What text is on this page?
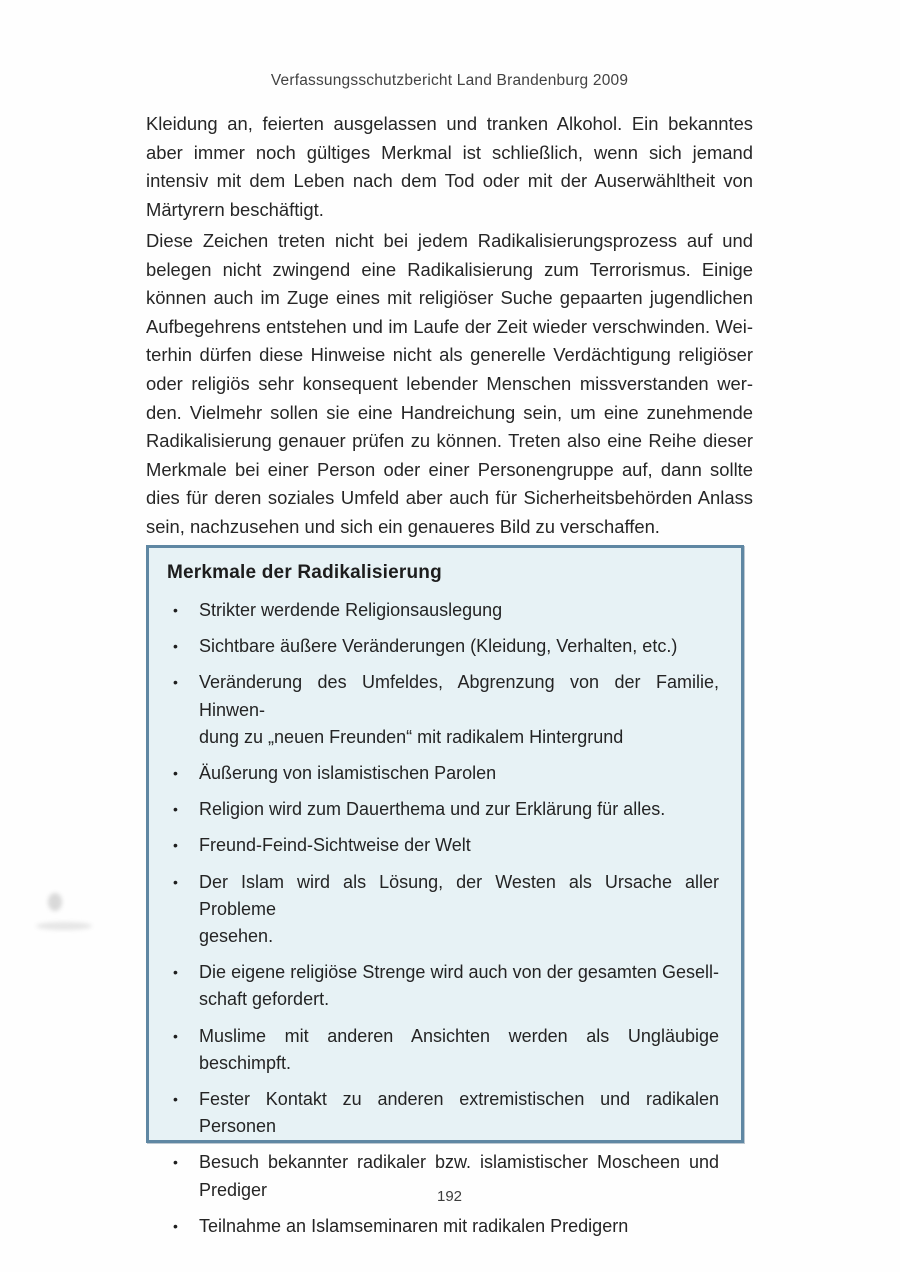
Verfassungsschutzbericht Land Brandenburg 2009
Kleidung an, feierten ausgelassen und tranken Alkohol. Ein bekanntes
aber immer noch gültiges Merkmal ist schließlich, wenn sich jemand
intensiv mit dem Leben nach dem Tod oder mit der Auserwähltheit von
Märtyrern beschäftigt.
Diese Zeichen treten nicht bei jedem Radikalisierungsprozess auf und
belegen nicht zwingend eine Radikalisierung zum Terrorismus. Einige
können auch im Zuge eines mit religiöser Suche gepaarten jugendlichen
Aufbegehrens entstehen und im Laufe der Zeit wieder verschwinden. Wei-
terhin dürfen diese Hinweise nicht als generelle Verdächtigung religiöser
oder religiös sehr konsequent lebender Menschen missverstanden wer-
den. Vielmehr sollen sie eine Handreichung sein, um eine zunehmende
Radikalisierung genauer prüfen zu können. Treten also eine Reihe dieser
Merkmale bei einer Person oder einer Personengruppe auf, dann sollte
dies für deren soziales Umfeld aber auch für Sicherheitsbehörden Anlass
sein, nachzusehen und sich ein genaueres Bild zu verschaffen.
Merkmale der Radikalisierung
•	Strikter werdende Religionsauslegung
•	Sichtbare äußere Veränderungen (Kleidung, Verhalten, etc.)
•	Veränderung des Umfeldes, Abgrenzung von der Familie, Hinwen-
dung zu „neuen Freunden“ mit radikalem Hintergrund
•	Äußerung von islamistischen Parolen
•	Religion wird zum Dauerthema und zur Erklärung für alles.
•	Freund-Feind-Sichtweise der Welt
•	Der Islam wird als Lösung, der Westen als Ursache aller Probleme
gesehen.
•	Die eigene religiöse Strenge wird auch von der gesamten Gesell-
schaft gefordert.
•	Muslime mit anderen Ansichten werden als Ungläubige beschimpft.
•	Fester Kontakt zu anderen extremistischen und radikalen Personen
•	Besuch bekannter radikaler bzw. islamistischer Moscheen und
Prediger
•	Teilnahme an Islamseminaren mit radikalen Predigern
192
